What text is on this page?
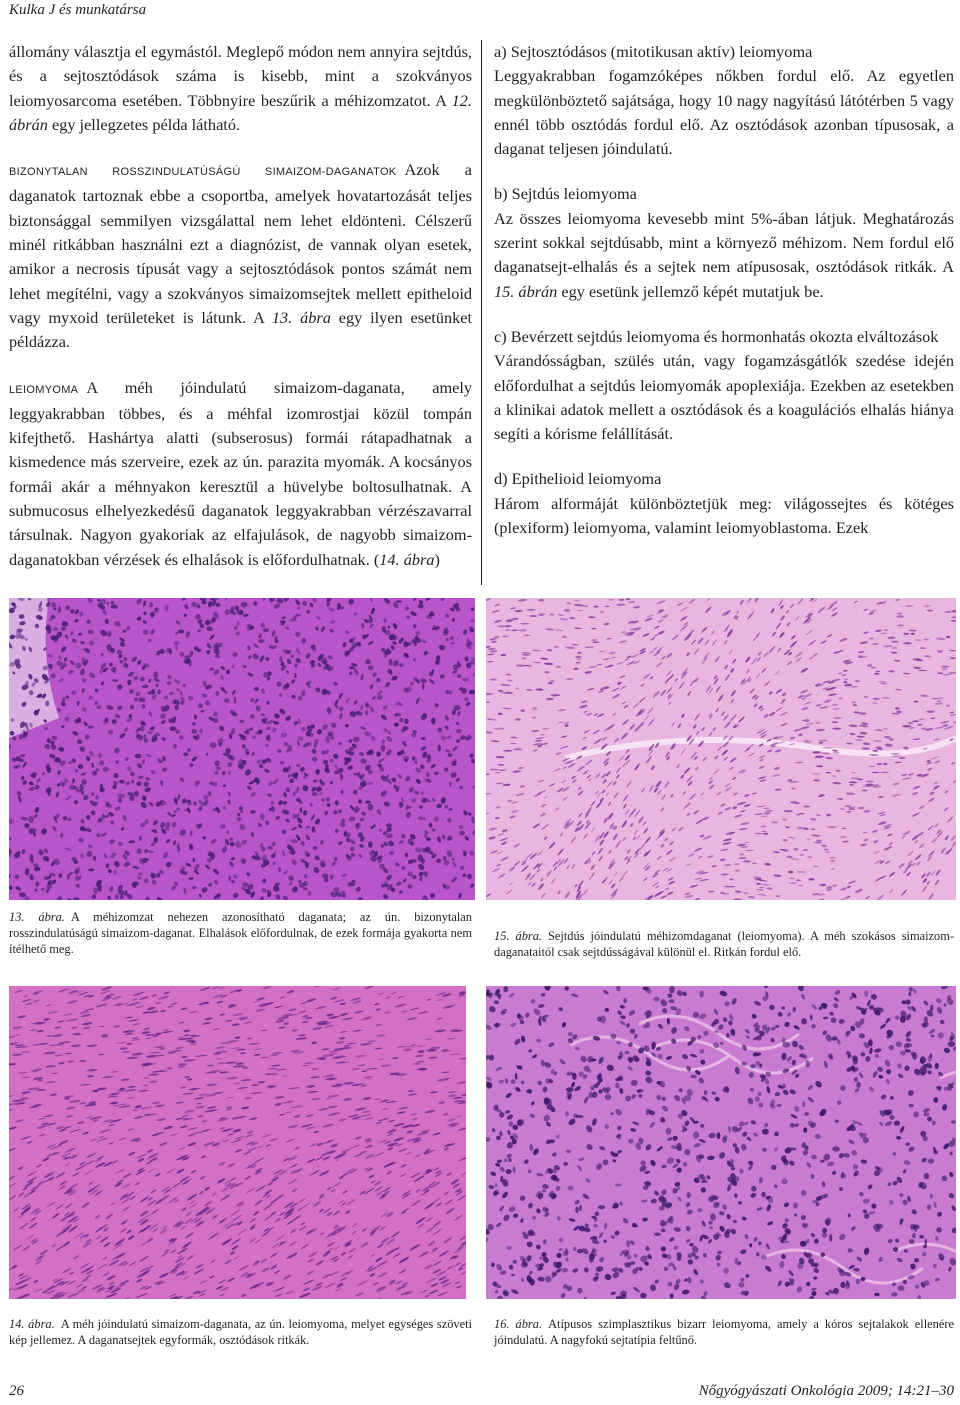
Kulka J és munkatársa

állomány választja el egymástól. Meglepő módon nem annyira sejtdús, és a sejtosztódások száma is kisebb, mint a szokványos leiomyosarcoma esetében. Többnyire beszűrik a méhizomzatot. A 12. ábrán egy jellegzetes példa látható.

BIZONYTALAN ROSSZINDULATÚSÁGÚ SIMAIZOM-DAGANATOK Azok a daganatok tartoznak ebbe a csoportba, amelyek hovatartozását teljes biztonsággal semmilyen vizsgálattal nem lehet eldönteni. Célszerű minél ritkábban használni ezt a diagnózist, de vannak olyan esetek, amikor a necrosis típusát vagy a sejtosztódások pontos számát nem lehet megítélni, vagy a szokványos simaizomsejtek mellett epitheloid vagy myxoid területeket is látunk. A 13. ábra egy ilyen esetünket példázza.

LEIOMYOMA A méh jóindulatú simaizom-daganata, amely leggyakrabban többes, és a méhfal izomrostjai közül tompán kifejthető. Hashártya alatti (subserosus) formái rátapadhatnak a kismedence más szerveire, ezek az ún. parazita myomák. A kocsányos formái akár a méhnyakon keresztül a hüvelybe boltosulhatnak. A submucosus elhelyezkedésű daganatok leggyakrabban vérzészavarral társulnak. Nagyon gyakoriak az elfajulások, de nagyobb simaizom-daganatokban vérzések és elhalások is előfordulhatnak. (14. ábra)

a) Sejtosztódásos (mitotikusan aktív) leiomyoma

Leggyakrabban fogamzóképes nőkben fordul elő. Az egyetlen megkülönböztető sajátsága, hogy 10 nagy nagyítású látótérben 5 vagy ennél több osztódás fordul elő. Az osztódások azonban típusosak, a daganat teljesen jóindulatú.

b) Sejtdús leiomyoma

Az összes leiomyoma kevesebb mint 5%-ában látjuk. Meghatározás szerint sokkal sejtdúsabb, mint a környező méhizom. Nem fordul elő daganatsejt-elhalás és a sejtek nem atípusosak, osztódások ritkák. A 15. ábrán egy esetünk jellemző képét mutatjuk be.

c) Bevérzett sejtdús leiomyoma és hormonhatás okozta elváltozások

Várandósságban, szülés után, vagy fogamzásgátlók szedése idején előfordulhat a sejtdús leiomyomák apoplexiája. Ezekben az esetekben a klinikai adatok mellett a osztódások és a koagulációs elhalás hiánya segíti a kórisme felállítását.

d) Epithelioid leiomyoma

Három alformáját különböztetjük meg: világossejtes és kötéges (plexiform) leiomyoma, valamint leiomyoblastoma. Ezek

13. ábra. A méhizomzat nehezen azonosítható daganata; az ún. bizonytalan rosszindulatúságú simaizom-daganat. Elhalások előfordulnak, de ezek formája gyakorta nem ítélhető meg.
15. ábra. Sejtdús jóindulatú méhizomdaganat (leiomyoma). A méh szokásos simaizom-daganataitól csak sejtdússágával különül el. Ritkán fordul elő.
14. ábra. A méh jóindulatú simaizom-daganata, az ún. leiomyoma, melyet egységes szöveti kép jellemez. A daganatsejtek egyformák, osztódások ritkák.
16. ábra. Atípusos szimplasztikus bizarr leiomyoma, amely a kóros sejtalakok ellenére jóindulatú. A nagyfokú sejtatípia feltűnő.
26	Nőgyógyászati Onkológia 2009; 14:21–30
